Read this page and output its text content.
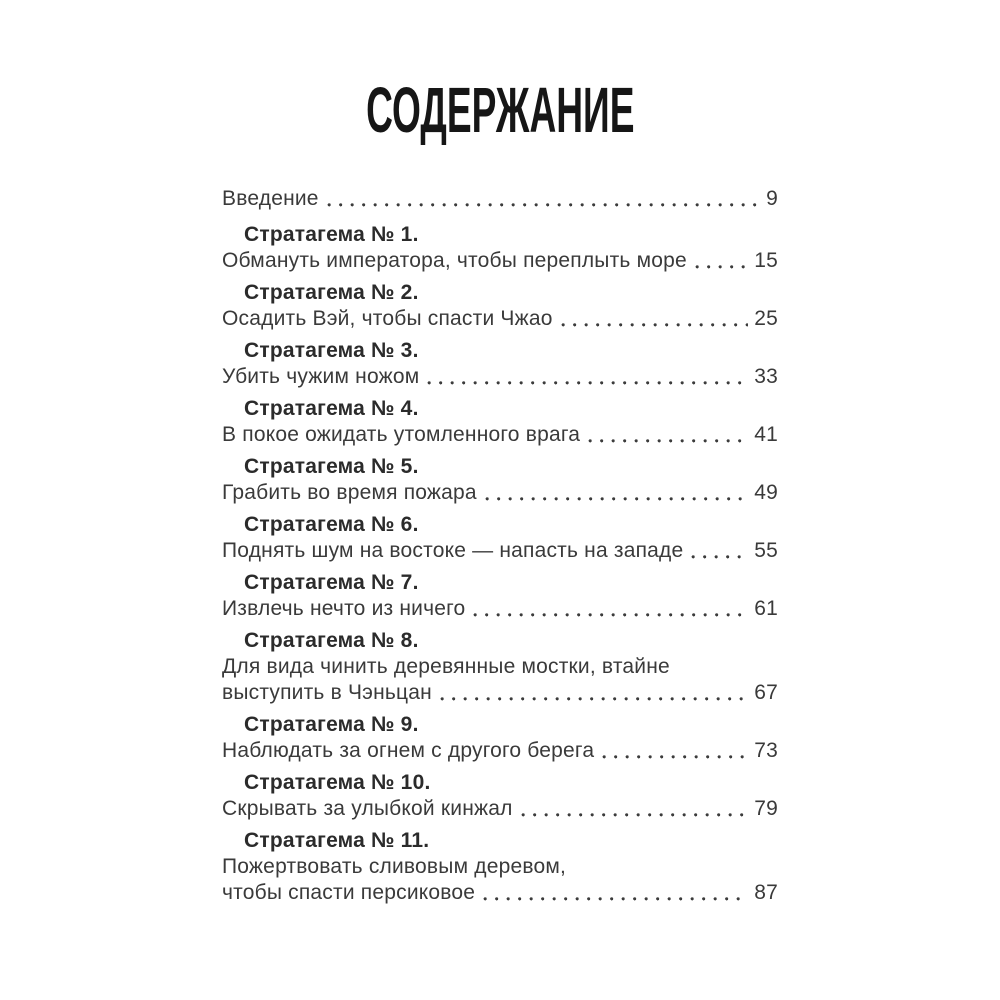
СОДЕРЖАНИЕ
Введение	9
Стратагема № 1.
Обмануть императора, чтобы переплыть море	15
Стратагема № 2.
Осадить Вэй, чтобы спасти Чжао	25
Стратагема № 3.
Убить чужим ножом	33
Стратагема № 4.
В покое ожидать утомленного врага	41
Стратагема № 5.
Грабить во время пожара	49
Стратагема № 6.
Поднять шум на востоке — напасть на западе	55
Стратагема № 7.
Извлечь нечто из ничего	61
Стратагема № 8.
Для вида чинить деревянные мостки, втайне
выступить в Чэньцан	67
Стратагема № 9.
Наблюдать за огнем с другого берега	73
Стратагема № 10.
Скрывать за улыбкой кинжал	79
Стратагема № 11.
Пожертвовать сливовым деревом,
чтобы спасти персиковое	87
